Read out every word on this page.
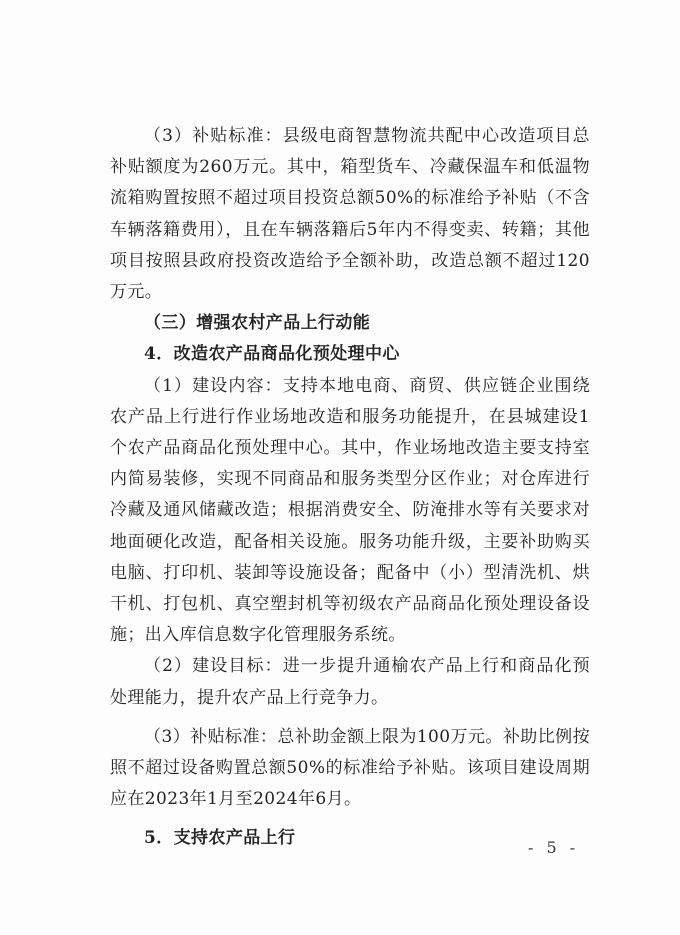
（3）补贴标准：县级电商智慧物流共配中心改造项目总补贴额度为260万元。其中，箱型货车、冷藏保温车和低温物流箱购置按照不超过项目投资总额50%的标准给予补贴（不含车辆落籍费用），且在车辆落籍后5年内不得变卖、转籍；其他项目按照县政府投资改造给予全额补助，改造总额不超过120万元。

（三）增强农村产品上行动能

4．改造农产品商品化预处理中心

（1）建设内容：支持本地电商、商贸、供应链企业围绕农产品上行进行作业场地改造和服务功能提升，在县城建设1个农产品商品化预处理中心。其中，作业场地改造主要支持室内简易装修，实现不同商品和服务类型分区作业；对仓库进行冷藏及通风储藏改造；根据消费安全、防淹排水等有关要求对地面硬化改造，配备相关设施。服务功能升级，主要补助购买电脑、打印机、装卸等设施设备；配备中（小）型清洗机、烘干机、打包机、真空塑封机等初级农产品商品化预处理设备设施；出入库信息数字化管理服务系统。

（2）建设目标：进一步提升通榆农产品上行和商品化预处理能力，提升农产品上行竞争力。

（3）补贴标准：总补助金额上限为100万元。补助比例按照不超过设备购置总额50%的标准给予补贴。该项目建设周期应在2023年1月至2024年6月。

5．支持农产品上行	- 5 -
